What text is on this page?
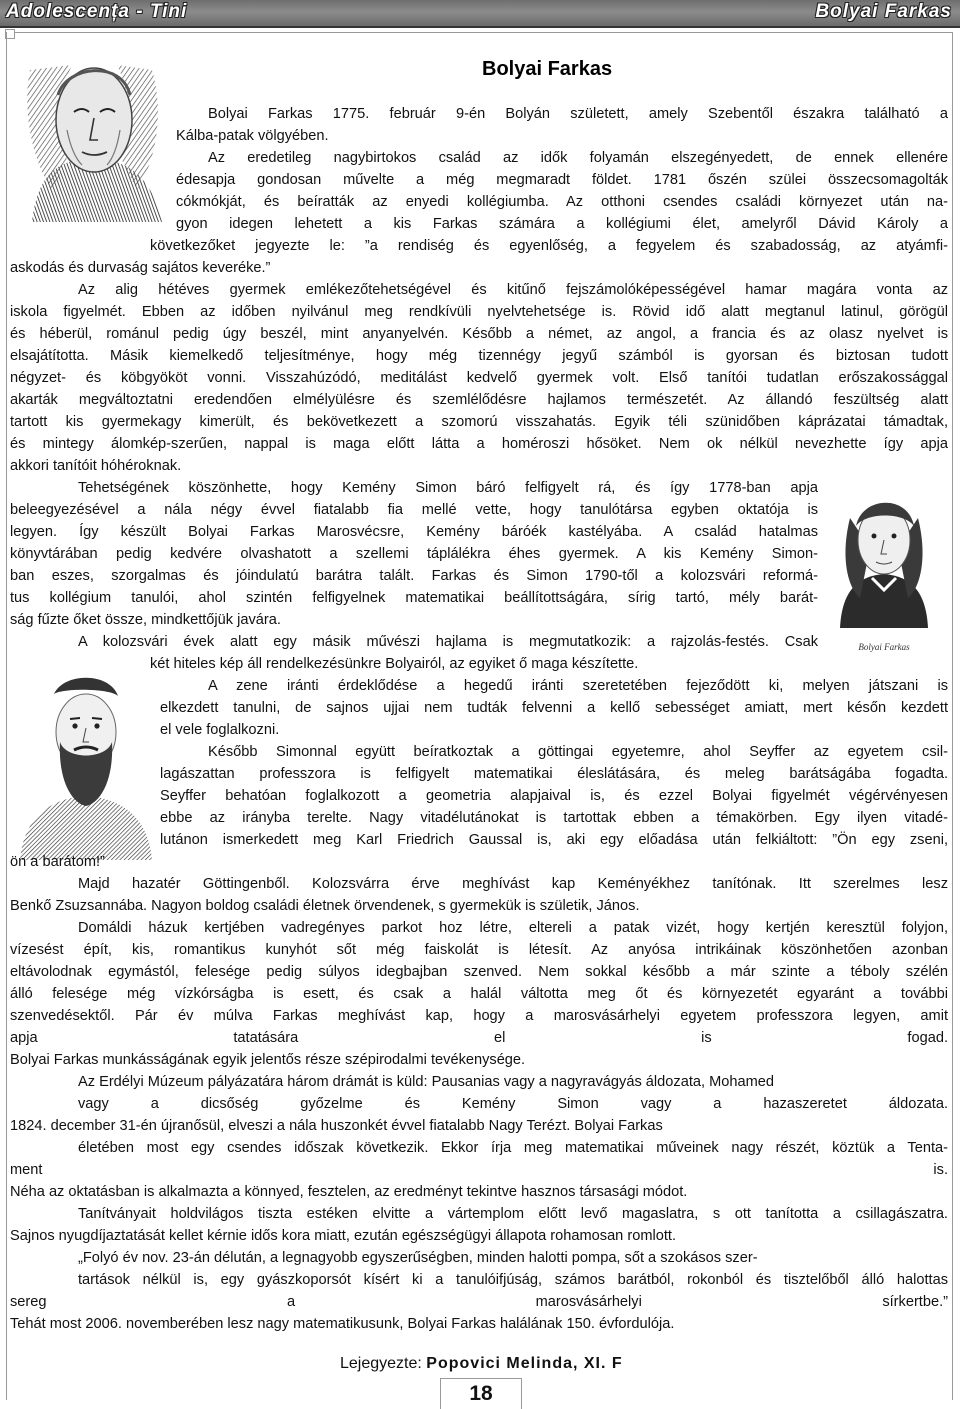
Adolescența - Tini	Bolyai Farkas
Bolyai Farkas
Bolyai Farkas
Bolyai Farkas 1775. február 9-én Bolyán született, amely Szebentől északra található a
Kálba-patak völgyében.
Az eredetileg nagybirtokos család az idők folyamán elszegényedett, de ennek ellenére
édesapja gondosan művelte a még megmaradt földet. 1781 őszén szülei összecsomagolták
cókmókját, és beíratták az enyedi kollégiumba. Az otthoni csendes családi környezet után na-
gyon idegen lehetett a kis Farkas számára a kollégiumi élet, amelyről Dávid Károly a
következőket jegyezte le: ”a rendiség és egyenlőség, a fegyelem és szabadosság, az atyámfi-
askodás és durvaság sajátos keveréke.”
Az alig hétéves gyermek emlékezőtehetségével és kitűnő fejszámolóképességével hamar magára vonta az
iskola figyelmét. Ebben az időben nyilvánul meg rendkívüli nyelvtehetsége is. Rövid idő alatt megtanul latinul, görögül
és héberül, románul pedig úgy beszél, mint anyanyelvén. Később a német, az angol, a francia és az olasz nyelvet is
elsajátította. Másik kiemelkedő teljesítménye, hogy még tizennégy jegyű számból is gyorsan és biztosan tudott
négyzet- és köbgyököt vonni. Visszahúzódó, meditálást kedvelő gyermek volt. Első tanítói tudatlan erőszakossággal
akarták megváltoztatni eredendően elmélyülésre és szemlélődésre hajlamos természetét. Az állandó feszültség alatt
tartott kis gyermekagy kimerült, és bekövetkezett a szomorú visszahatás. Egyik téli szünidőben káprázatai támadtak,
és mintegy álomkép-szerűen, nappal is maga előtt látta a homéroszi hősöket. Nem ok nélkül nevezhette így apja
akkori tanítóit hóhéroknak.
Tehetségének köszönhette, hogy Kemény Simon báró felfigyelt rá, és így 1778-ban apja
beleegyezésével a nála négy évvel fiatalabb fia mellé vette, hogy tanulótársa egyben oktatója is
legyen. Így készült Bolyai Farkas Marosvécsre, Kemény báróék kastélyába. A család hatalmas
könyvtárában pedig kedvére olvashatott a szellemi táplálékra éhes gyermek. A kis Kemény Simon-
ban eszes, szorgalmas és jóindulatú barátra talált. Farkas és Simon 1790-től a kolozsvári reformá-
tus kollégium tanulói, ahol szintén felfigyelnek matematikai beállítottságára, sírig tartó, mély barát-
ság fűzte őket össze, mindkettőjük javára.
A kolozsvári évek alatt egy másik művészi hajlama is megmutatkozik: a rajzolás-festés. Csak
két hiteles kép áll rendelkezésünkre Bolyairól, az egyiket ő maga készítette.
A zene iránti érdeklődése a hegedű iránti szeretetében fejeződött ki, melyen játszani is
elkezdett tanulni, de sajnos ujjai nem tudták felvenni a kellő sebességet amiatt, mert későn kezdett
el vele foglalkozni.
Később Simonnal együtt beíratkoztak a göttingai egyetemre, ahol Seyffer az egyetem csil-
lagászattan professzora is felfigyelt matematikai éleslátására, és meleg barátságába fogadta.
Seyffer behatóan foglalkozott a geometria alapjaival is, és ezzel Bolyai figyelmét végérvényesen
ebbe az irányba terelte. Nagy vitadélutánokat is tartottak ebben a témakörben. Egy ilyen vitadé-
lutánon ismerkedett meg Karl Friedrich Gaussal is, aki egy előadása után felkiáltott: ”Ön egy zseni,
ön a barátom!”
Majd hazatér Göttingenből. Kolozsvárra érve meghívást kap Keményékhez tanítónak. Itt szerelmes lesz
Benkő Zsuzsannába. Nagyon boldog családi életnek örvendenek, s gyermekük is születik, János.
Domáldi házuk kertjében vadregényes parkot hoz létre, eltereli a patak vizét, hogy kertjén keresztül folyjon,
vízesést épít, kis, romantikus kunyhót sőt még faiskolát is létesít. Az anyósa intrikáinak köszönhetően azonban
eltávolodnak egymástól, felesége pedig súlyos idegbajban szenved. Nem sokkal később a már szinte a téboly szélén
álló felesége még vízkórságba is esett, és csak a halál váltotta meg őt és környezetét egyaránt a további
szenvedésektől. Pár év múlva Farkas meghívást kap, hogy a marosvásárhelyi egyetem professzora legyen, amit
apja tatatására el is fogad.
Bolyai Farkas munkásságának egyik jelentős része szépirodalmi tevékenysége.
Az Erdélyi Múzeum pályázatára három drámát is küld: Pausanias vagy a nagyravágyás áldozata, Mohamed
vagy a dicsőség győzelme és Kemény Simon vagy a hazaszeretet áldozata.
1824. december 31-én újranősül, elveszi a nála huszonkét évvel fiatalabb Nagy Terézt. Bolyai Farkas
életében most egy csendes időszak következik. Ekkor írja meg matematikai műveinek nagy részét, köztük a Tenta-
ment is.
Néha az oktatásban is alkalmazta a könnyed, fesztelen, az eredményt tekintve hasznos társasági módot.
Tanítványait holdvilágos tiszta estéken elvitte a vártemplom előtt levő magaslatra, s ott tanította a csillagászatra.
Sajnos nyugdíjaztatását kellet kérnie idős kora miatt, ezután egészségügyi állapota rohamosan romlott.
„Folyó év nov. 23-án délután, a legnagyobb egyszerűségben, minden halotti pompa, sőt a szokásos szer-
tartások nélkül is, egy gyászkoporsót kísért ki a tanulóifjúság, számos barátból, rokonból és tisztelőből álló halottas
sereg a marosvásárhelyi sírkertbe.”
Tehát most 2006. novemberében lesz nagy matematikusunk, Bolyai Farkas halálának 150. évfordulója.
Lejegyezte: Popovici Melinda, XI. F
18
